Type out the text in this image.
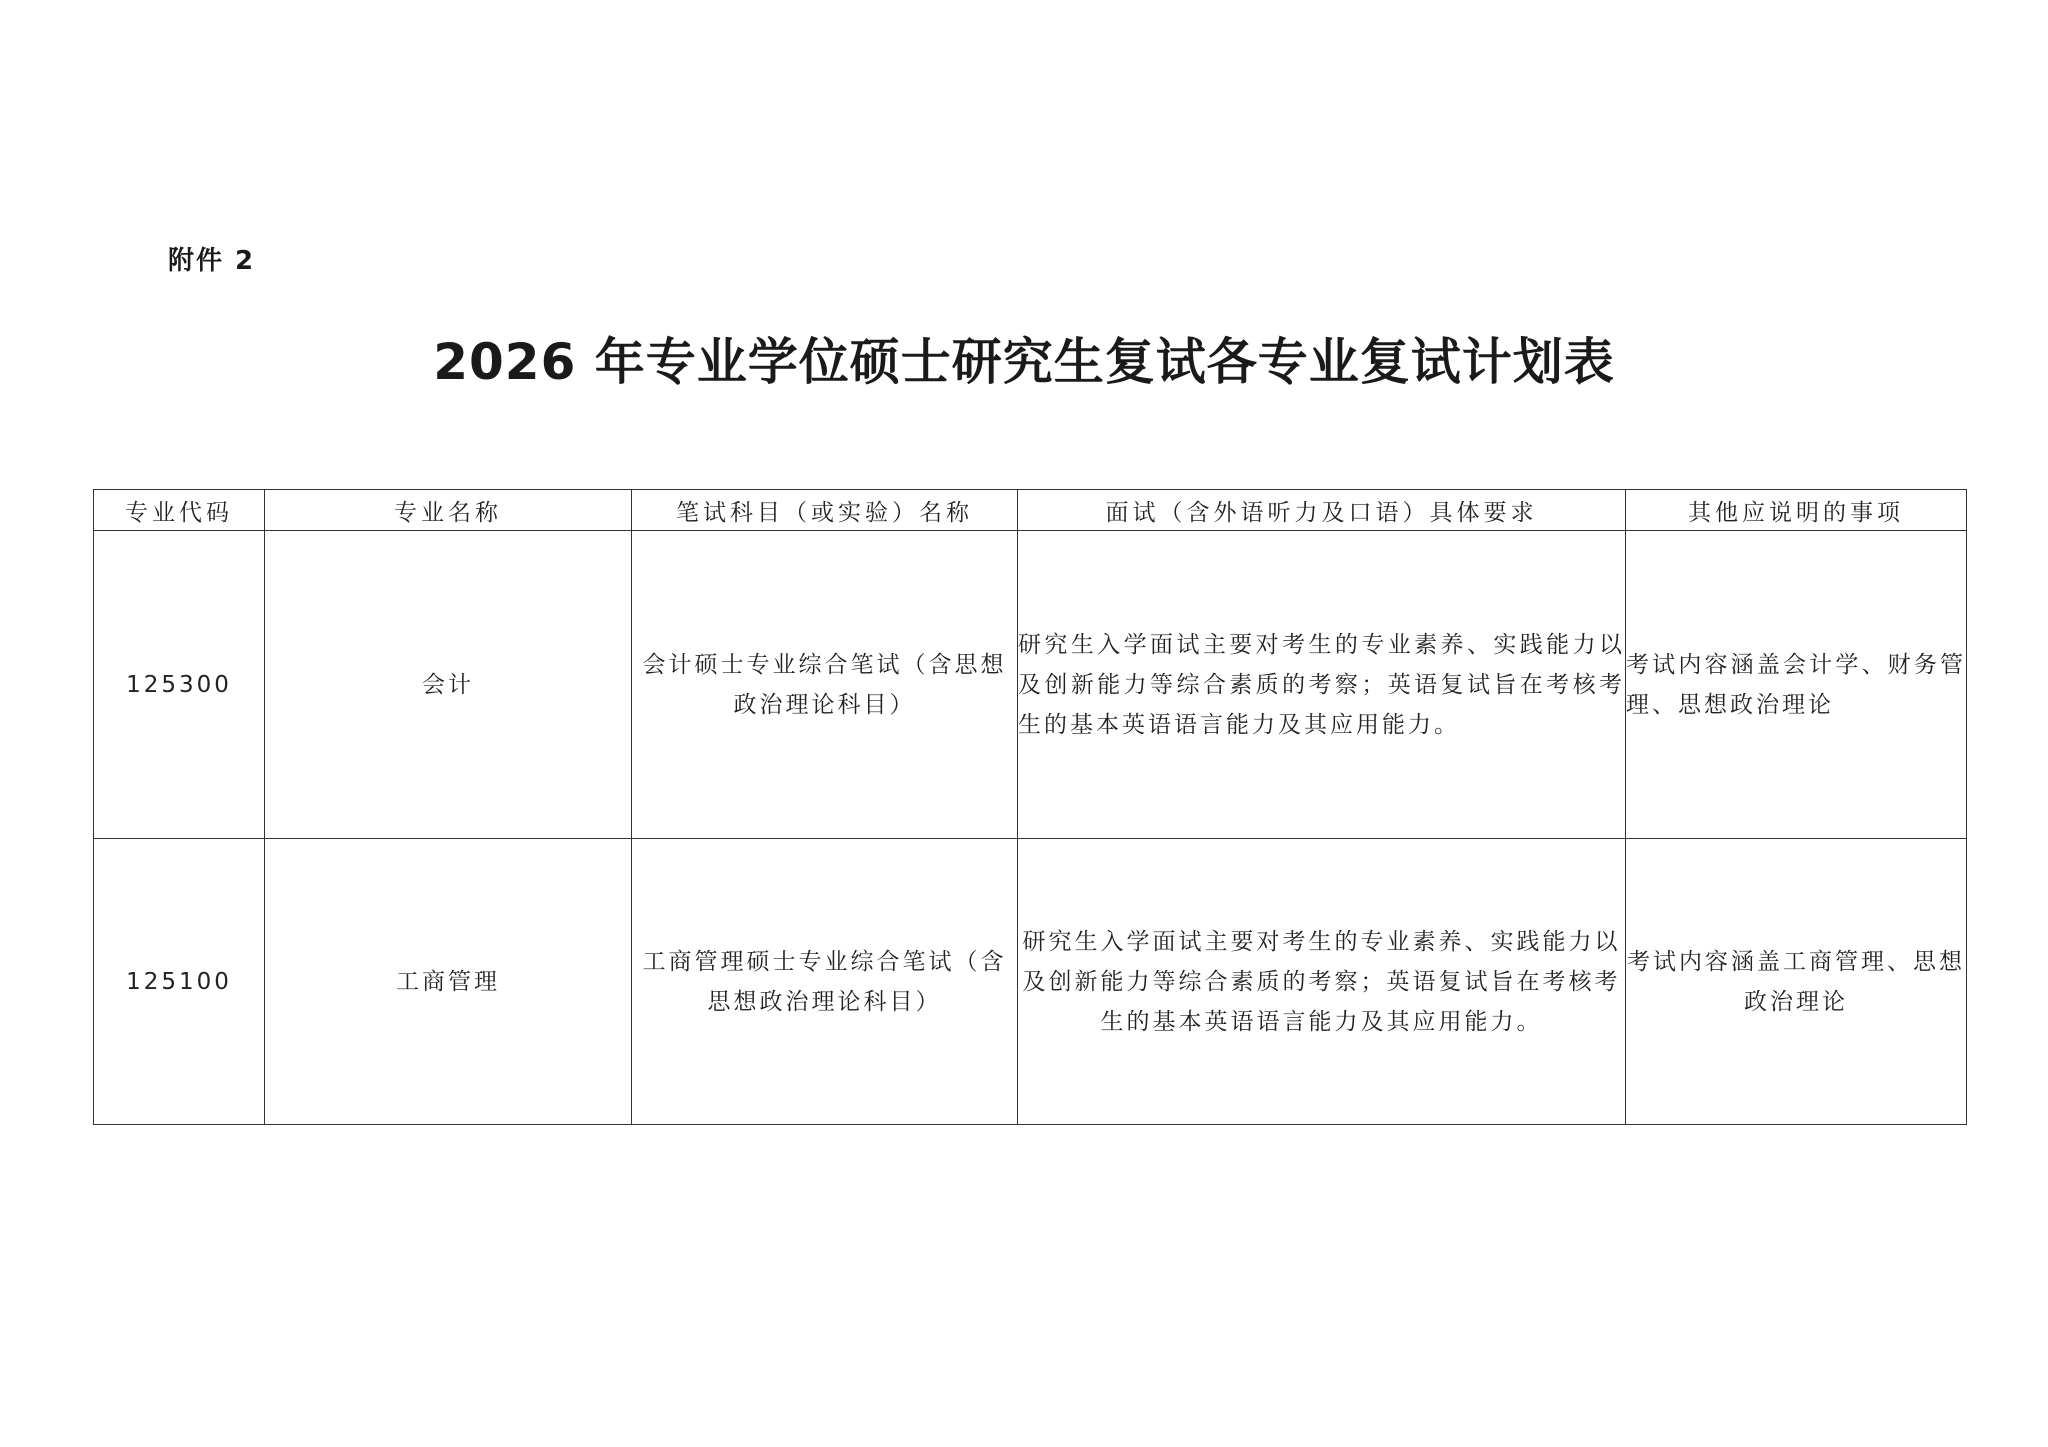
附件 2
2026 年专业学位硕士研究生复试各专业复试计划表
专业代码	专业名称	笔试科目（或实验）名称	面试（含外语听力及口语）具体要求	其他应说明的事项
125300	会计	会计硕士专业综合笔试（含思想政治理论科目）	研究生入学面试主要对考生的专业素养、实践能力以及创新能力等综合素质的考察；英语复试旨在考核考生的基本英语语言能力及其应用能力。	考试内容涵盖会计学、财务管理、思想政治理论
125100	工商管理	工商管理硕士专业综合笔试（含思想政治理论科目）	研究生入学面试主要对考生的专业素养、实践能力以及创新能力等综合素质的考察；英语复试旨在考核考生的基本英语语言能力及其应用能力。	考试内容涵盖工商管理、思想政治理论
